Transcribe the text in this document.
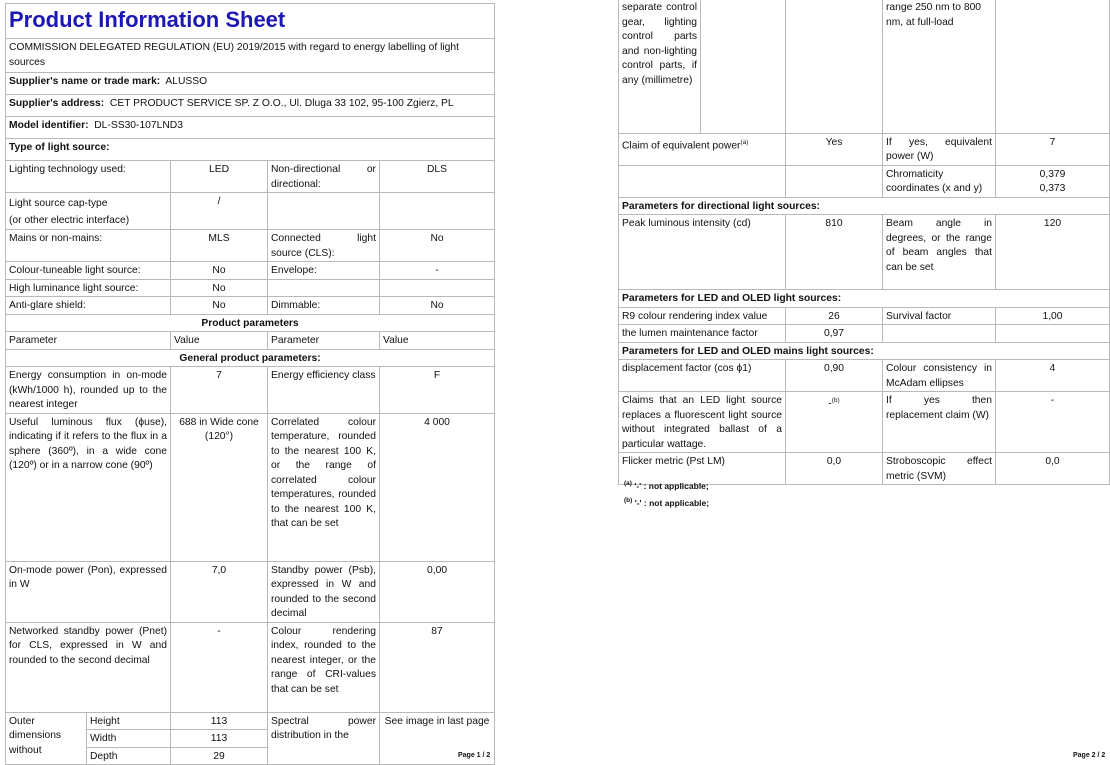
Product Information Sheet				
COMMISSION DELEGATED REGULATION (EU) 2019/2015 with regard to energy labelling of light sources				
Supplier's name or trade mark: ALUSSO				
Supplier's address: CET PRODUCT SERVICE SP. Z O.O., Ul. Dluga 33 102, 95-100 Zgierz, PL				
Model identifier: DL-SS30-107LND3				
Type of light source:				
Lighting technology used:		LED	Non-directional or directional:	DLS
Light source cap-type
(or other electric interface)		/		
Mains or non-mains:		MLS	Connected light source (CLS):	No
Colour-tuneable light source:		No	Envelope:	-
High luminance light source:		No		
Anti-glare shield:		No	Dimmable:	No
Product parameters				
Parameter		Value	Parameter	Value
General product parameters:				
Energy consumption in on-mode (kWh/1000 h), rounded up to the nearest integer		7	Energy efficiency class	F
Useful luminous flux (ϕuse), indicating if it refers to the flux in a sphere (360º), in a wide cone (120º) or in a narrow cone (90º)		688 in Wide cone (120°)	Correlated colour temperature, rounded to the nearest 100 K, or the range of correlated colour temperatures, rounded to the nearest 100 K, that can be set	4 000
On-mode power (Pon), expressed in W		7,0	Standby power (Psb), expressed in W and rounded to the second decimal	0,00
Networked standby power (Pnet) for CLS, expressed in W and rounded to the second decimal		-	Colour rendering index, rounded to the nearest integer, or the range of CRI-values that can be set	87
Outer dimensions without	Height	113	Spectral power distribution in the	See image in last page
	Width	113		
	Depth	29			Page 1 / 2
separate control gear, lighting control parts and non-lighting control parts, if any (millimetre)			range 250 nm to 800 nm, at full-load	
Claim of equivalent power$^{(a)}$		Yes	If yes, equivalent power (W)	7
			Chromaticity coordinates (x and y)	0,379
0,373
Parameters for directional light sources:				
Peak luminous intensity (cd)		810	Beam angle in degrees, or the range of beam angles that can be set	120
Parameters for LED and OLED light sources:				
R9 colour rendering index value		26	Survival factor	1,00
the lumen maintenance factor		0,97		
Parameters for LED and OLED mains light sources:				
displacement factor (cos ϕ1)		0,90	Colour consistency in McAdam ellipses	4
Claims that an LED light source replaces a fluorescent light source without integrated ballast of a particular wattage.		-$^{(b)}$	If yes then replacement claim (W)	-
Flicker metric (Pst LM)		0,0	Stroboscopic effect metric (SVM)	0,0
$^{(a)}$ '-' : not applicable;
$^{(b)}$ '-' : not applicable;
Page 2 / 2
